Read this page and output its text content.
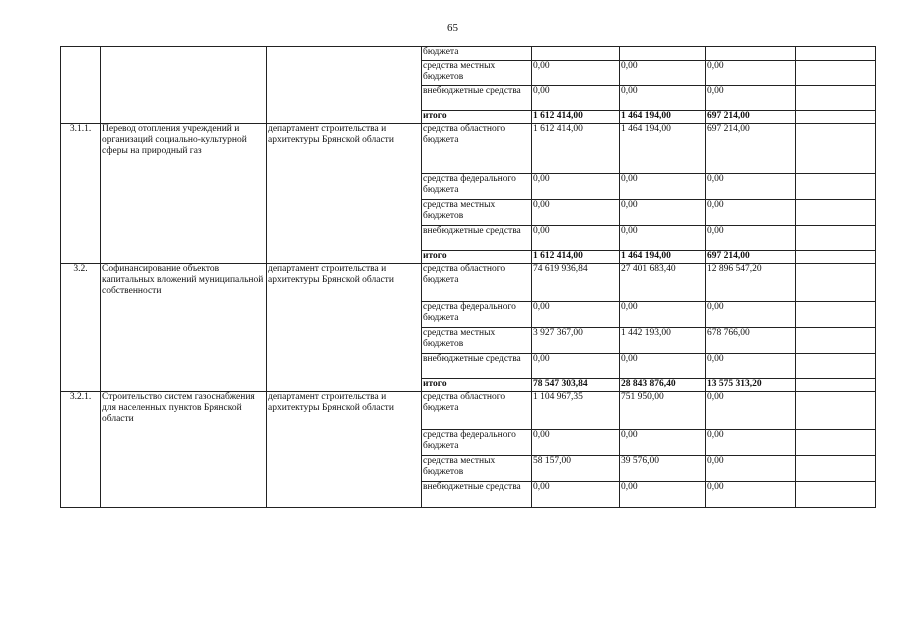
65
			бюджета				
			средства местных бюджетов	0,00	0,00	0,00	
			внебюджетные средства	0,00	0,00	0,00	
			итого	1 612 414,00	1 464 194,00	697 214,00	
3.1.1.	Перевод отопления учреждений и организаций социально-культурной сферы на природный газ	департамент строительства и архитектуры Брянской области	средства областного бюджета	1 612 414,00	1 464 194,00	697 214,00	
			средства федерального бюджета	0,00	0,00	0,00	
			средства местных бюджетов	0,00	0,00	0,00	
			внебюджетные средства	0,00	0,00	0,00	
			итого	1 612 414,00	1 464 194,00	697 214,00	
3.2.	Софинансирование объектов капитальных вложений муниципальной собственности	департамент строительства и архитектуры Брянской области	средства областного бюджета	74 619 936,84	27 401 683,40	12 896 547,20	
			средства федерального бюджета	0,00	0,00	0,00	
			средства местных бюджетов	3 927 367,00	1 442 193,00	678 766,00	
			внебюджетные средства	0,00	0,00	0,00	
			итого	78 547 303,84	28 843 876,40	13 575 313,20	
3.2.1.	Строительство систем газоснабжения для населенных пунктов Брянской области	департамент строительства и архитектуры Брянской области	средства областного бюджета	1 104 967,35	751 950,00	0,00	
			средства федерального бюджета	0,00	0,00	0,00	
			средства местных бюджетов	58 157,00	39 576,00	0,00	
			внебюджетные средства	0,00	0,00	0,00	
